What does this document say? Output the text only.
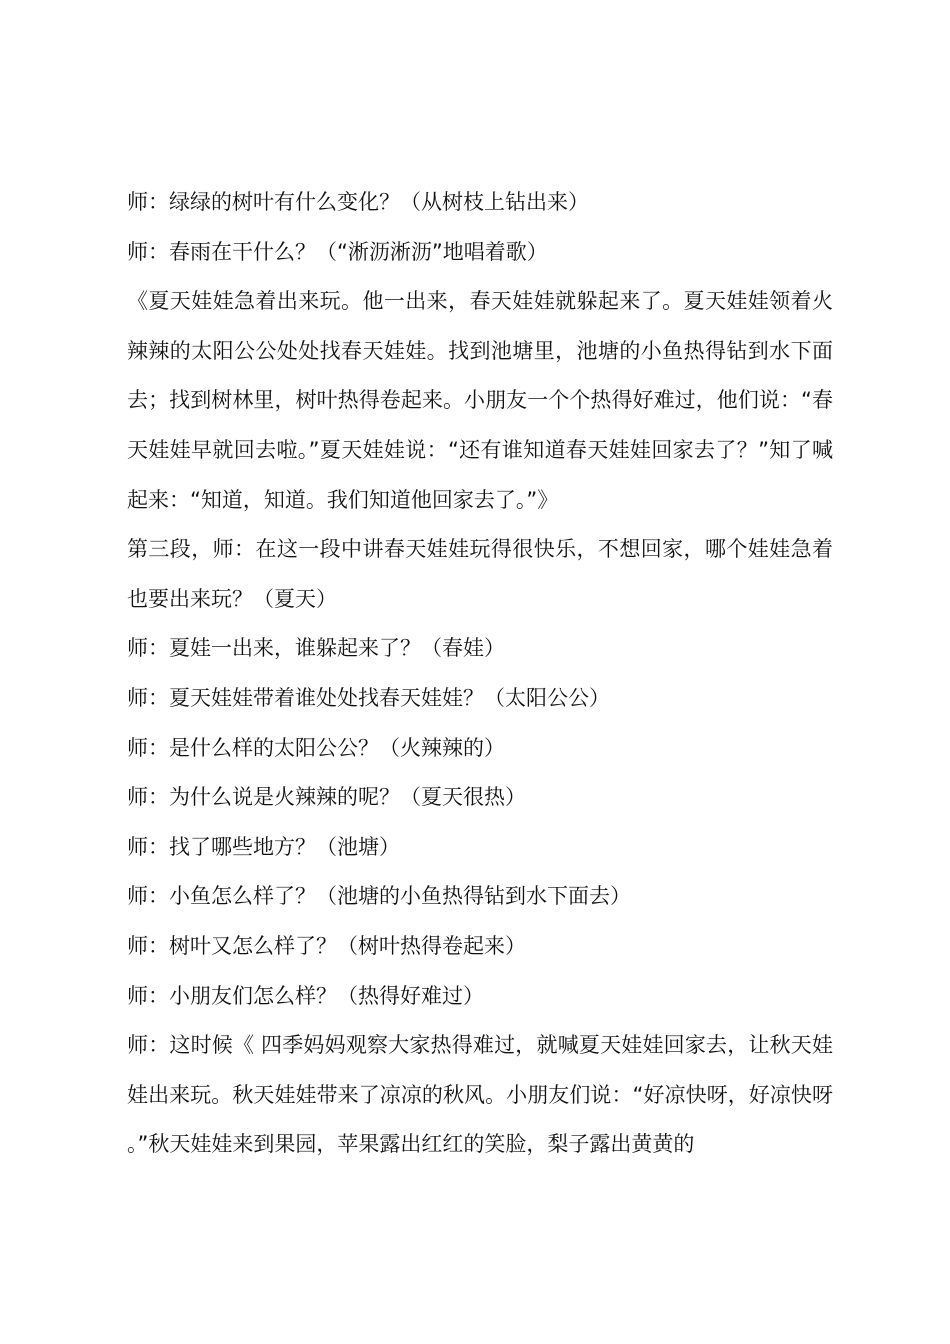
师：绿绿的树叶有什么变化？（从树枝上钻出来）

师：春雨在干什么？（“淅沥淅沥”地唱着歌）

《夏天娃娃急着出来玩。他一出来，春天娃娃就躲起来了。夏天娃娃领着火辣辣的太阳公公处处找春天娃娃。找到池塘里，池塘的小鱼热得钻到水下面去；找到树林里，树叶热得卷起来。小朋友一个个热得好难过，他们说：“春天娃娃早就回去啦。”夏天娃娃说：“还有谁知道春天娃娃回家去了？”知了喊起来：“知道，知道。我们知道他回家去了。”》

第三段，师：在这一段中讲春天娃娃玩得很快乐，不想回家，哪个娃娃急着也要出来玩？（夏天）

师：夏娃一出来，谁躲起来了？（春娃）

师：夏天娃娃带着谁处处找春天娃娃？（太阳公公）

师：是什么样的太阳公公？（火辣辣的）

师：为什么说是火辣辣的呢？（夏天很热）

师：找了哪些地方？（池塘）

师：小鱼怎么样了？（池塘的小鱼热得钻到水下面去）

师：树叶又怎么样了？（树叶热得卷起来）

师：小朋友们怎么样？（热得好难过）

师：这时候《 四季妈妈观察大家热得难过，就喊夏天娃娃回家去，让秋天娃娃出来玩。秋天娃娃带来了凉凉的秋风。小朋友们说：“好凉快呀，好凉快呀。”秋天娃娃来到果园，苹果露出红红的笑脸，梨子露出黄黄的
